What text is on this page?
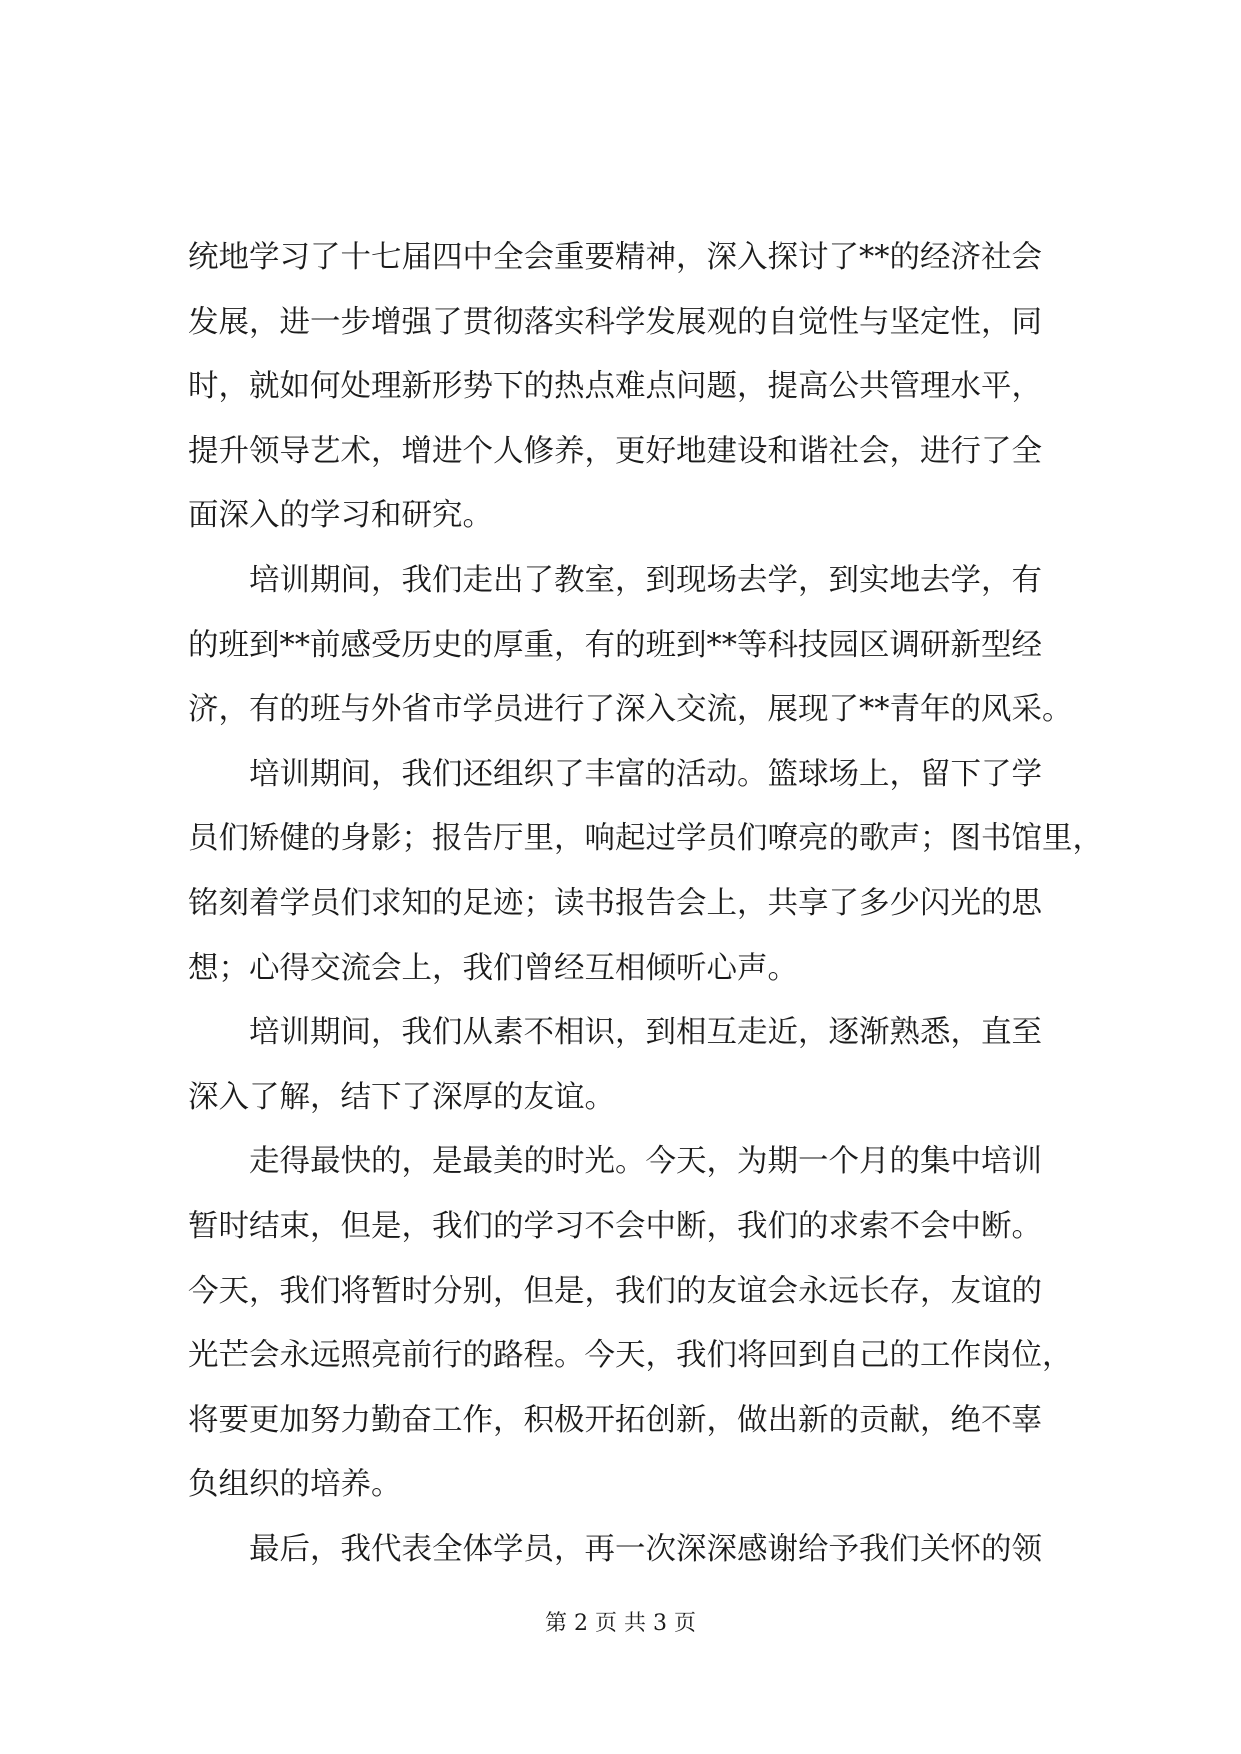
统地学习了十七届四中全会重要精神，深入探讨了**的经济社会
发展，进一步增强了贯彻落实科学发展观的自觉性与坚定性，同
时，就如何处理新形势下的热点难点问题，提高公共管理水平，
提升领导艺术，增进个人修养，更好地建设和谐社会，进行了全
面深入的学习和研究。

培训期间，我们走出了教室，到现场去学，到实地去学，有
的班到**前感受历史的厚重，有的班到**等科技园区调研新型经
济，有的班与外省市学员进行了深入交流，展现了**青年的风采。

培训期间，我们还组织了丰富的活动。篮球场上，留下了学
员们矫健的身影；报告厅里，响起过学员们嘹亮的歌声；图书馆里，
铭刻着学员们求知的足迹；读书报告会上，共享了多少闪光的思
想；心得交流会上，我们曾经互相倾听心声。

培训期间，我们从素不相识，到相互走近，逐渐熟悉，直至
深入了解，结下了深厚的友谊。

走得最快的，是最美的时光。今天，为期一个月的集中培训
暂时结束，但是，我们的学习不会中断，我们的求索不会中断。
今天，我们将暂时分别，但是，我们的友谊会永远长存，友谊的
光芒会永远照亮前行的路程。今天，我们将回到自己的工作岗位，
将要更加努力勤奋工作，积极开拓创新，做出新的贡献，绝不辜
负组织的培养。

最后，我代表全体学员，再一次深深感谢给予我们关怀的领

第 2 页 共 3 页
